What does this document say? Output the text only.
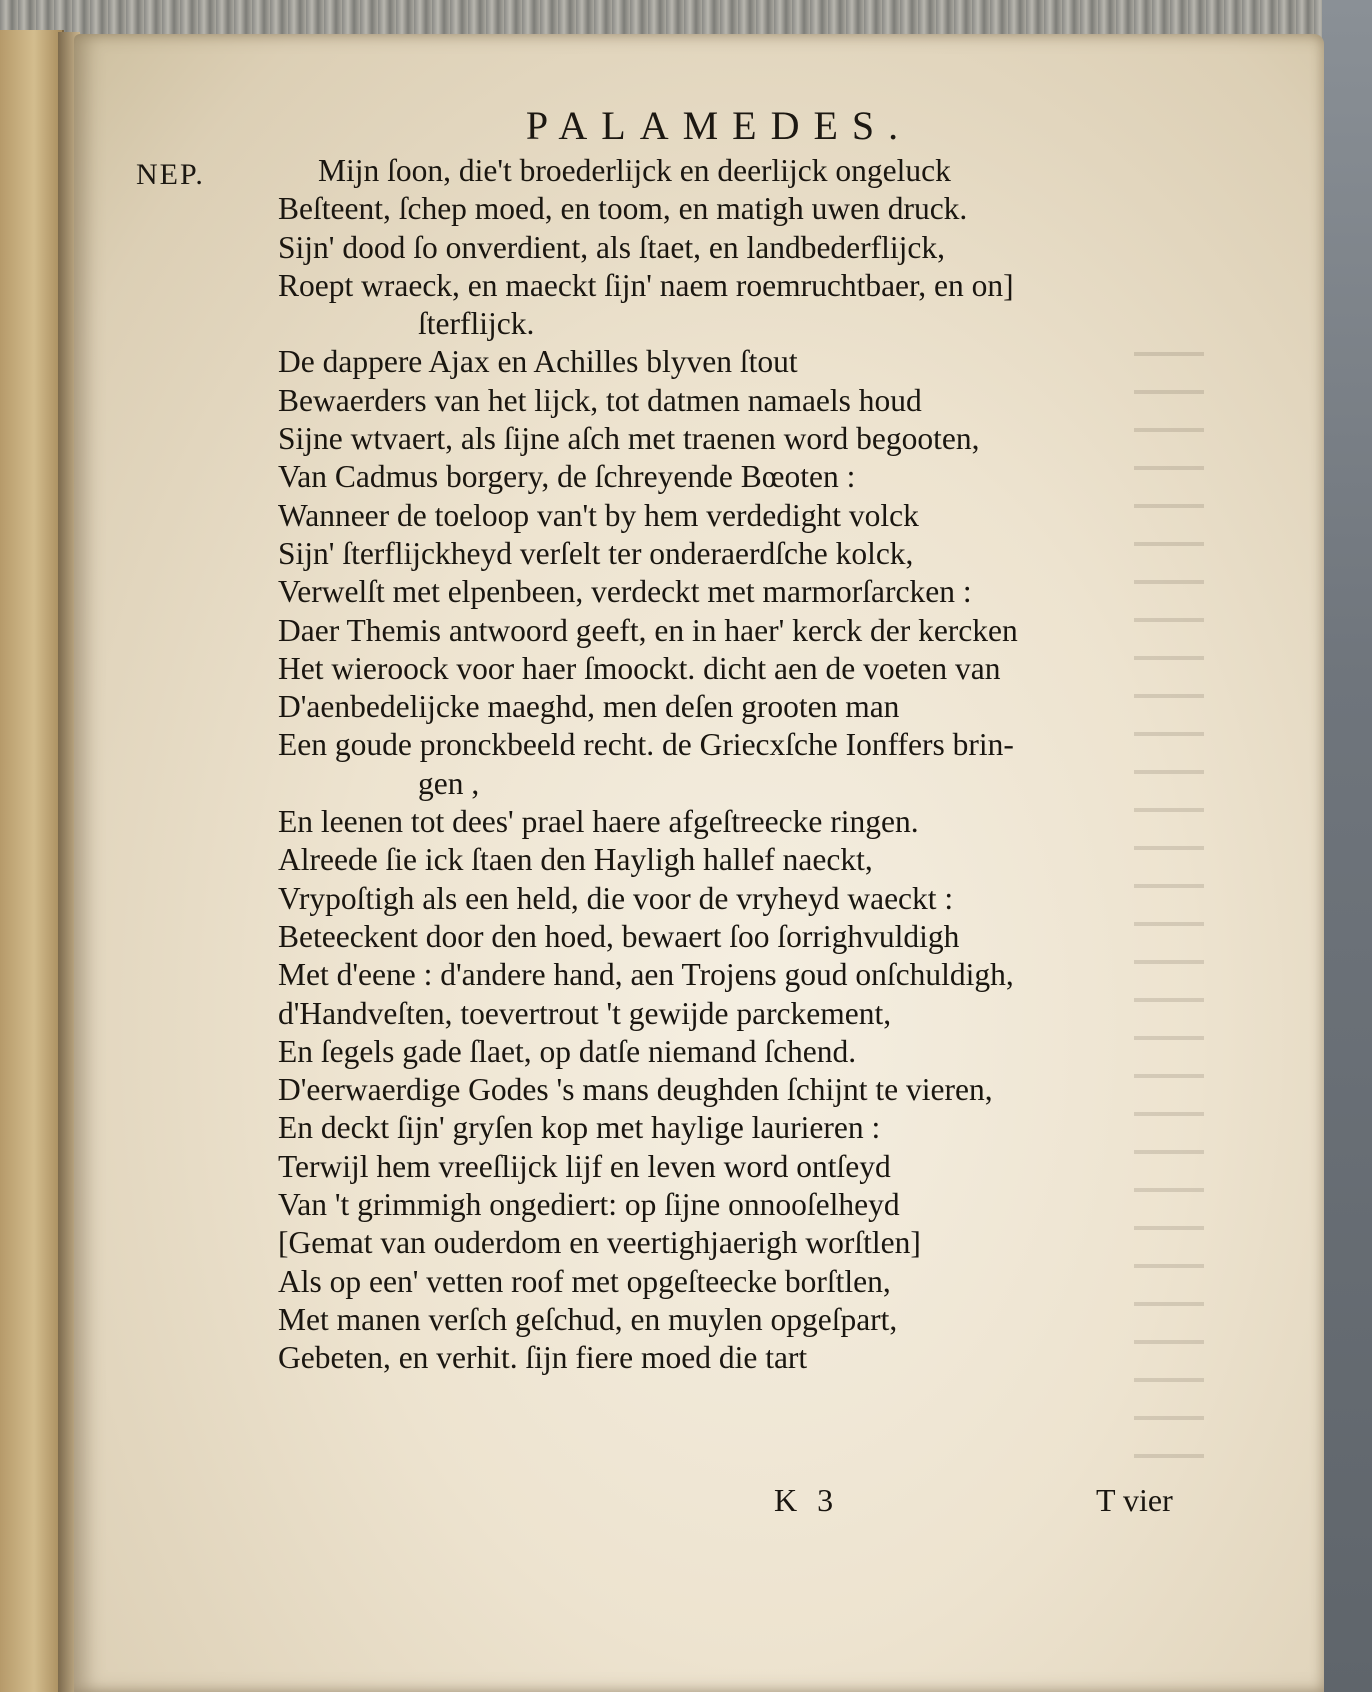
PALAMEDES.
NEP.	Mijn ſoon, die't broederlijck en deerlijck ongeluck
Beſteent, ſchep moed, en toom, en matigh uwen druck.
Sijn' dood ſo onverdient, als ſtaet, en landbederflijck,
Roept wraeck, en maeckt ſijn' naem roemruchtbaer, en on]
ſterflijck.
De dappere Ajax en Achilles blyven ſtout
Bewaerders van het lijck, tot datmen namaels houd
Sijne wtvaert, als ſijne aſch met traenen word begooten,
Van Cadmus borgery, de ſchreyende Bœoten :
Wanneer de toeloop van't by hem verdedight volck
Sijn' ſterflijckheyd verſelt ter onderaerdſche kolck,
Verwelſt met elpenbeen, verdeckt met marmorſarcken :
Daer Themis antwoord geeft, en in haer' kerck der kercken
Het wieroock voor haer ſmoockt. dicht aen de voeten van
D'aenbedelijcke maeghd, men deſen grooten man
Een goude pronckbeeld recht. de Griecxſche Ionffers brin-
gen ,
En leenen tot dees' prael haere afgeſtreecke ringen.
Alreede ſie ick ſtaen den Hayligh hallef naeckt,
Vrypoſtigh als een held, die voor de vryheyd waeckt :
Beteeckent door den hoed, bewaert ſoo ſorrighvuldigh
Met d'eene : d'andere hand, aen Trojens goud onſchuldigh,
d'Handveſten, toevertrout 't gewijde parckement,
En ſegels gade ſlaet, op datſe niemand ſchend.
D'eerwaerdige Godes 's mans deughden ſchijnt te vieren,
En deckt ſijn' gryſen kop met haylige laurieren :
Terwijl hem vreeſlijck lijf en leven word ontſeyd
Van 't grimmigh ongediert: op ſijne onnooſelheyd
[Gemat van ouderdom en veertighjaerigh worſtlen]
Als op een' vetten roof met opgeſteecke borſtlen,
Met manen verſch geſchud, en muylen opgeſpart,
Gebeten, en verhit. ſijn fiere moed die tart
K 3	T vier
